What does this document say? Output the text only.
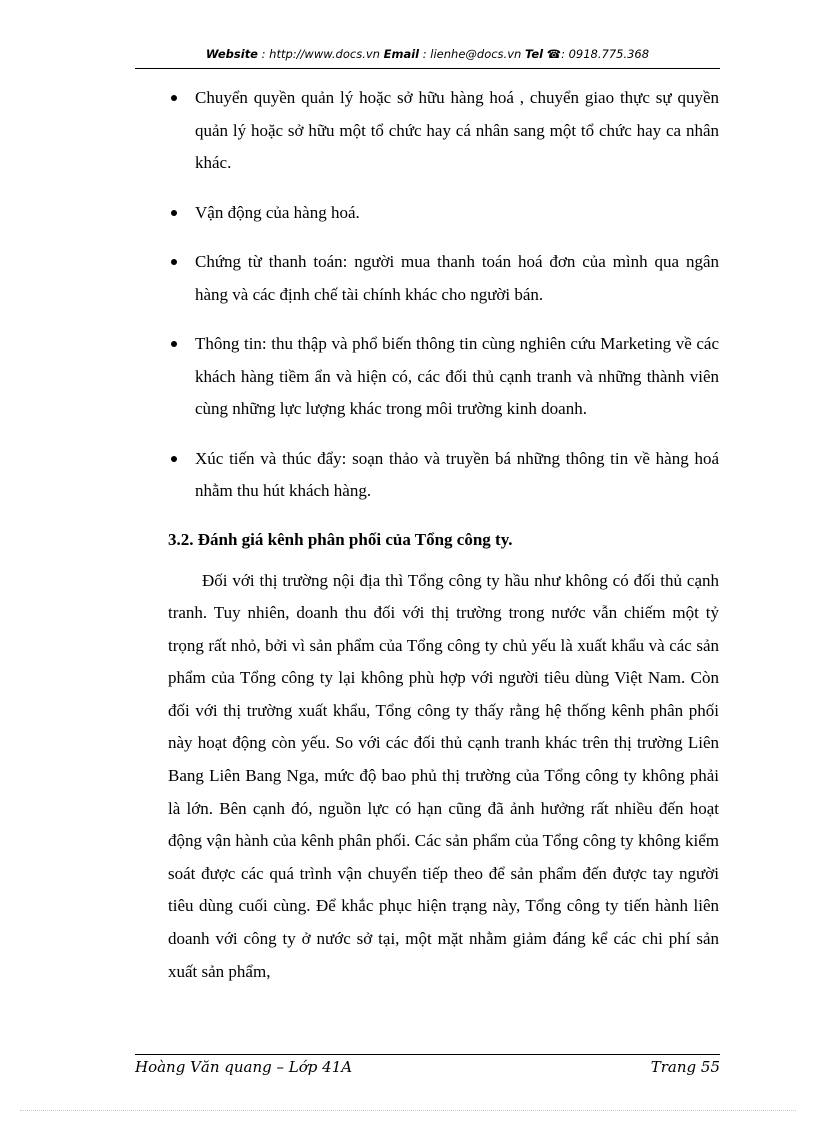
Website : http://www.docs.vn Email : lienhe@docs.vn Tel ☎: 0918.775.368
Chuyển quyền quản lý hoặc sở hữu hàng hoá , chuyển giao thực sự quyền quản lý hoặc sở hữu một tổ chức hay cá nhân sang một tổ chức hay ca nhân khác.
Vận động của hàng hoá.
Chứng từ thanh toán: người mua thanh toán hoá đơn của mình qua ngân hàng và các định chế tài chính khác cho người bán.
Thông tin: thu thập và phổ biến thông tin cùng nghiên cứu Marketing về các khách hàng tiềm ẩn và hiện có, các đối thủ cạnh tranh và những thành viên cùng những lực lượng khác trong môi trường kinh doanh.
Xúc tiến và thúc đẩy: soạn thảo và truyền bá những thông tin về hàng hoá nhằm thu hút khách hàng.
3.2. Đánh giá kênh phân phối của Tổng công ty.

Đối với thị trường nội địa thì Tổng công ty hầu như không có đối thủ cạnh tranh. Tuy nhiên, doanh thu đối với thị trường trong nước vẫn chiếm một tỷ trọng rất nhỏ, bởi vì sản phẩm của Tổng công ty chủ yếu là xuất khẩu và các sản phẩm của Tổng công ty lại không phù hợp với người tiêu dùng Việt Nam. Còn đối với thị trường xuất khẩu, Tổng công ty thấy rằng hệ thống kênh phân phối này hoạt động còn yếu. So với các đối thủ cạnh tranh khác trên thị trường Liên Bang Liên Bang Nga, mức độ bao phủ thị trường của Tổng công ty không phải là lớn. Bên cạnh đó, nguồn lực có hạn cũng đã ảnh hưởng rất nhiều đến hoạt động vận hành của kênh phân phối. Các sản phẩm của Tổng công ty không kiểm soát được các quá trình vận chuyển tiếp theo để sản phẩm đến được tay người tiêu dùng cuối cùng. Để khắc phục hiện trạng này, Tổng công ty tiến hành liên doanh với công ty ở nước sở tại, một mặt nhằm giảm đáng kể các chi phí sản xuất sản phẩm,

Hoàng Văn quang – Lớp 41A	Trang 55
